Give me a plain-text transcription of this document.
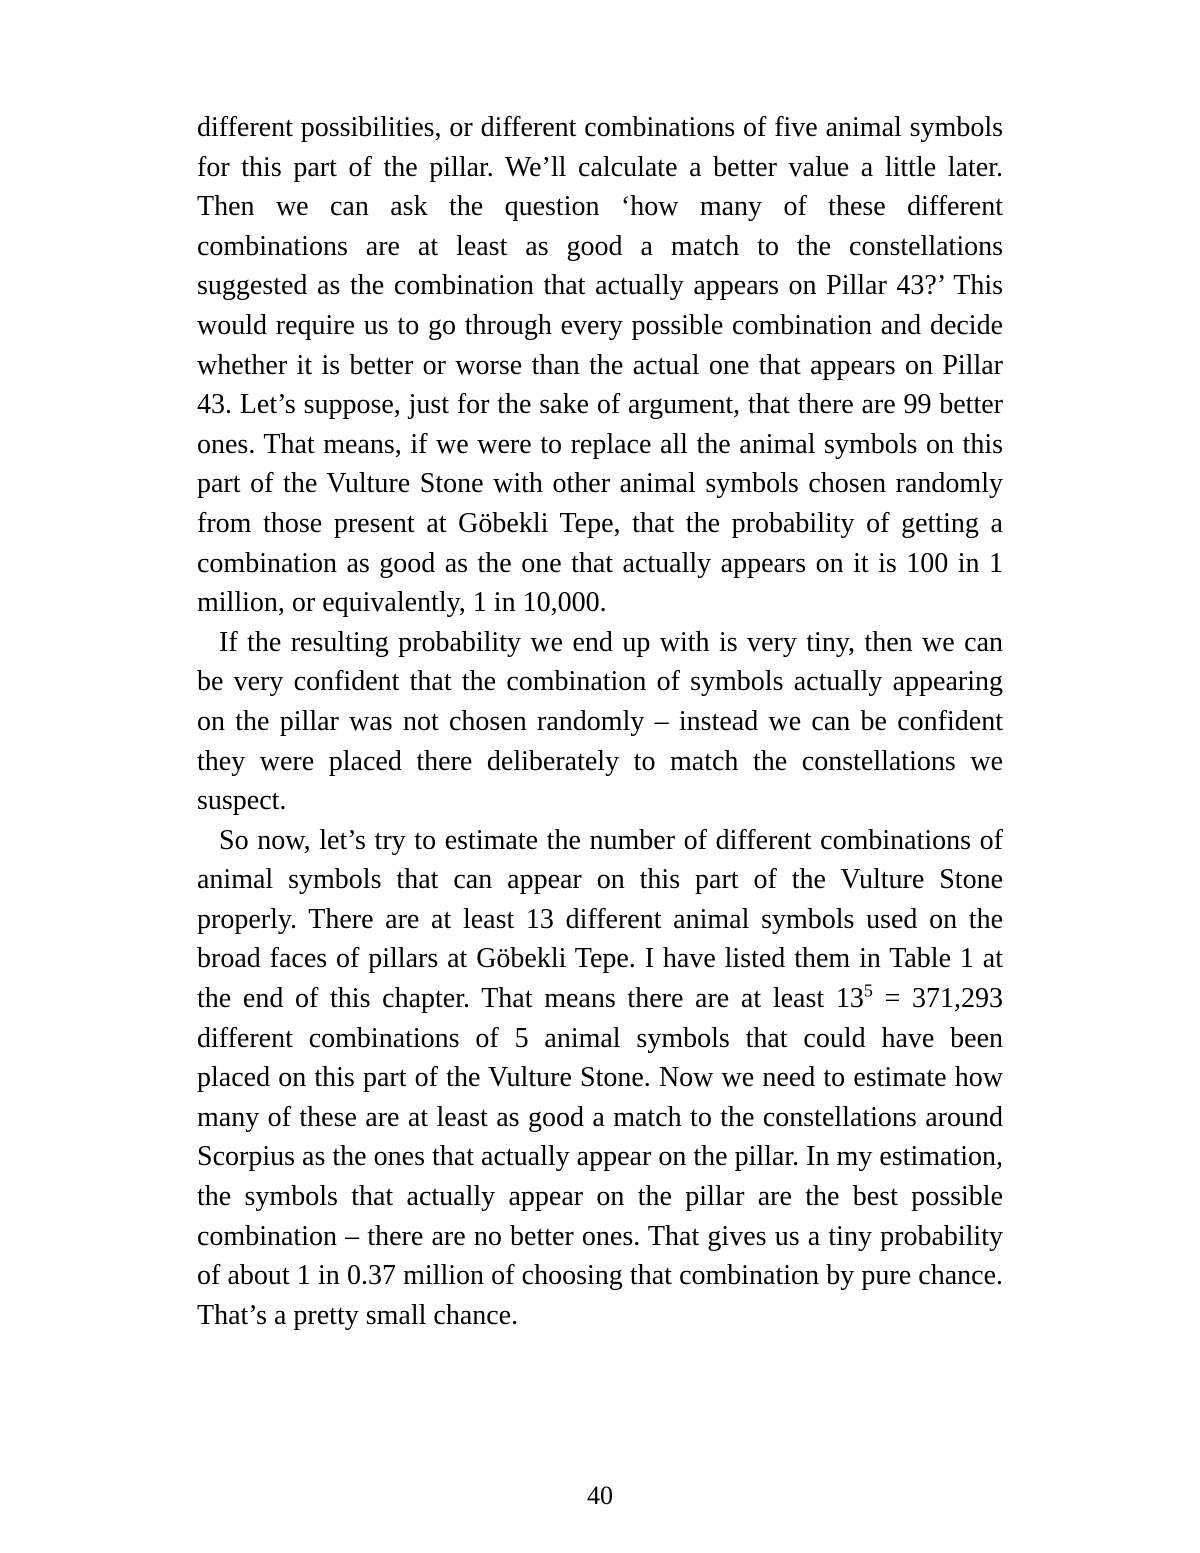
different possibilities, or different combinations of five animal symbols for this part of the pillar. We’ll calculate a better value a little later. Then we can ask the question ‘how many of these different combinations are at least as good a match to the constellations suggested as the combination that actually appears on Pillar 43?’ This would require us to go through every possible combination and decide whether it is better or worse than the actual one that appears on Pillar 43. Let’s suppose, just for the sake of argument, that there are 99 better ones. That means, if we were to replace all the animal symbols on this part of the Vulture Stone with other animal symbols chosen randomly from those present at Göbekli Tepe, that the probability of getting a combination as good as the one that actually appears on it is 100 in 1 million, or equivalently, 1 in 10,000.

If the resulting probability we end up with is very tiny, then we can be very confident that the combination of symbols actually appearing on the pillar was not chosen randomly – instead we can be confident they were placed there deliberately to match the constellations we suspect.

So now, let’s try to estimate the number of different combinations of animal symbols that can appear on this part of the Vulture Stone properly. There are at least 13 different animal symbols used on the broad faces of pillars at Göbekli Tepe. I have listed them in Table 1 at the end of this chapter. That means there are at least $13^5 = 371,293$ different combinations of 5 animal symbols that could have been placed on this part of the Vulture Stone. Now we need to estimate how many of these are at least as good a match to the constellations around Scorpius as the ones that actually appear on the pillar. In my estimation, the symbols that actually appear on the pillar are the best possible combination – there are no better ones. That gives us a tiny probability of about 1 in 0.37 million of choosing that combination by pure chance. That’s a pretty small chance.

40
